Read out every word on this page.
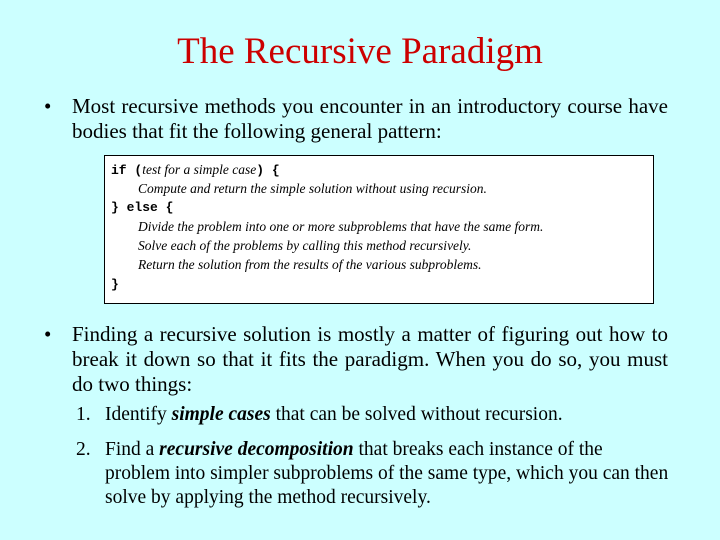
The Recursive Paradigm
• Most recursive methods you encounter in an introductory course have bodies that fit the following general pattern:
if (test for a simple case) {
Compute and return the simple solution without using recursion.
} else {
Divide the problem into one or more subproblems that have the same form.
Solve each of the problems by calling this method recursively.
Return the solution from the results of the various subproblems.
}
• Finding a recursive solution is mostly a matter of figuring out how to break it down so that it fits the paradigm. When you do so, you must do two things:
1. Identify simple cases that can be solved without recursion.
2. Find a recursive decomposition that breaks each instance of the problem into simpler subproblems of the same type, which you can then solve by applying the method recursively.
